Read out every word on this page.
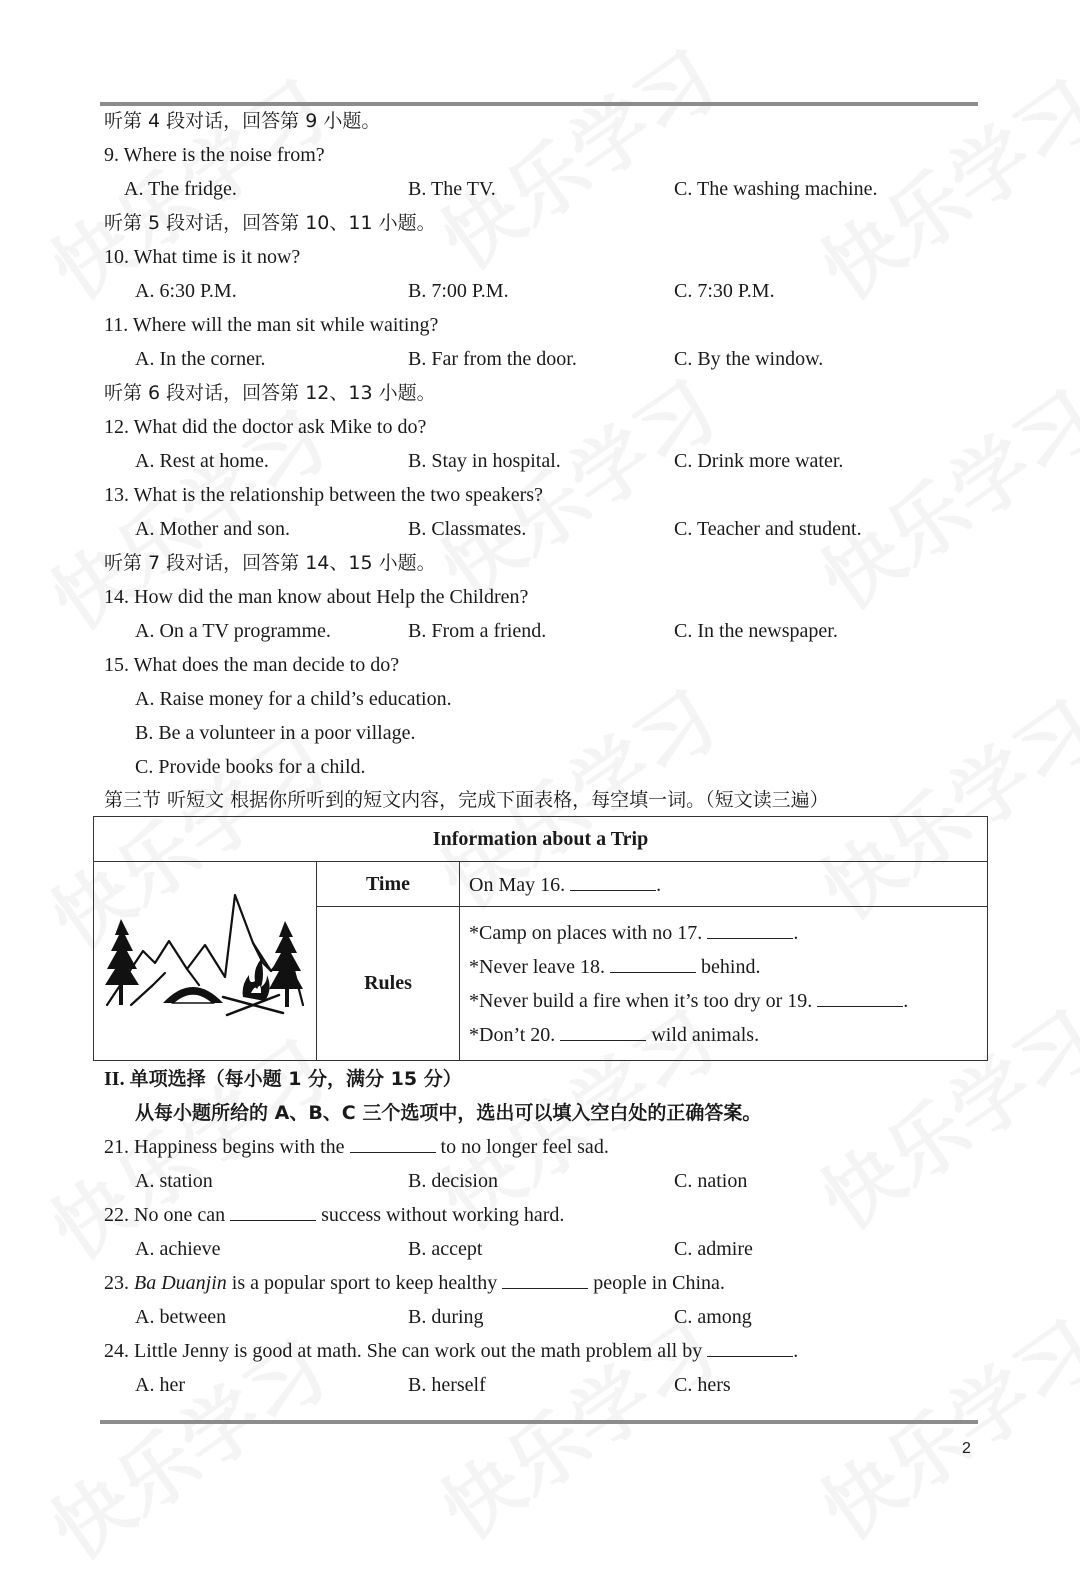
听第 4 段对话，回答第 9 小题。
9. Where is the noise from?
A. The fridge.	B. The TV.	C. The washing machine.
听第 5 段对话，回答第 10、11 小题。
10. What time is it now?
A. 6:30 P.M.	B. 7:00 P.M.	C. 7:30 P.M.
11. Where will the man sit while waiting?
A. In the corner.	B. Far from the door.	C. By the window.
听第 6 段对话，回答第 12、13 小题。
12. What did the doctor ask Mike to do?
A. Rest at home.	B. Stay in hospital.	C. Drink more water.
13. What is the relationship between the two speakers?
A. Mother and son.	B. Classmates.	C. Teacher and student.
听第 7 段对话，回答第 14、15 小题。
14. How did the man know about Help the Children?
A. On a TV programme.	B. From a friend.	C. In the newspaper.
15. What does the man decide to do?
A. Raise money for a child’s education.
B. Be a volunteer in a poor village.
C. Provide books for a child.
第三节 听短文 根据你所听到的短文内容，完成下面表格，每空填一词。（短文读三遍）
Information about a Trip		
	Time	On May 16. .
	Rules	*Camp on places with no 17. .
*Never leave 18. behind.
*Never build a fire when it’s too dry or 19. .
*Don’t 20. wild animals.
II. 单项选择（每小题 1 分，满分 15 分）
从每小题所给的 A、B、C 三个选项中，选出可以填入空白处的正确答案。
21. Happiness begins with the	to no longer feel sad.
A. station	B. decision	C. nation
22. No one can	success without working hard.
A. achieve	B. accept	C. admire
23. Ba Duanjin is a popular sport to keep healthy	people in China.
A. between	B. during	C. among
24. Little Jenny is good at math. She can work out the math problem all by	.
A. her	B. herself	C. hers
2
